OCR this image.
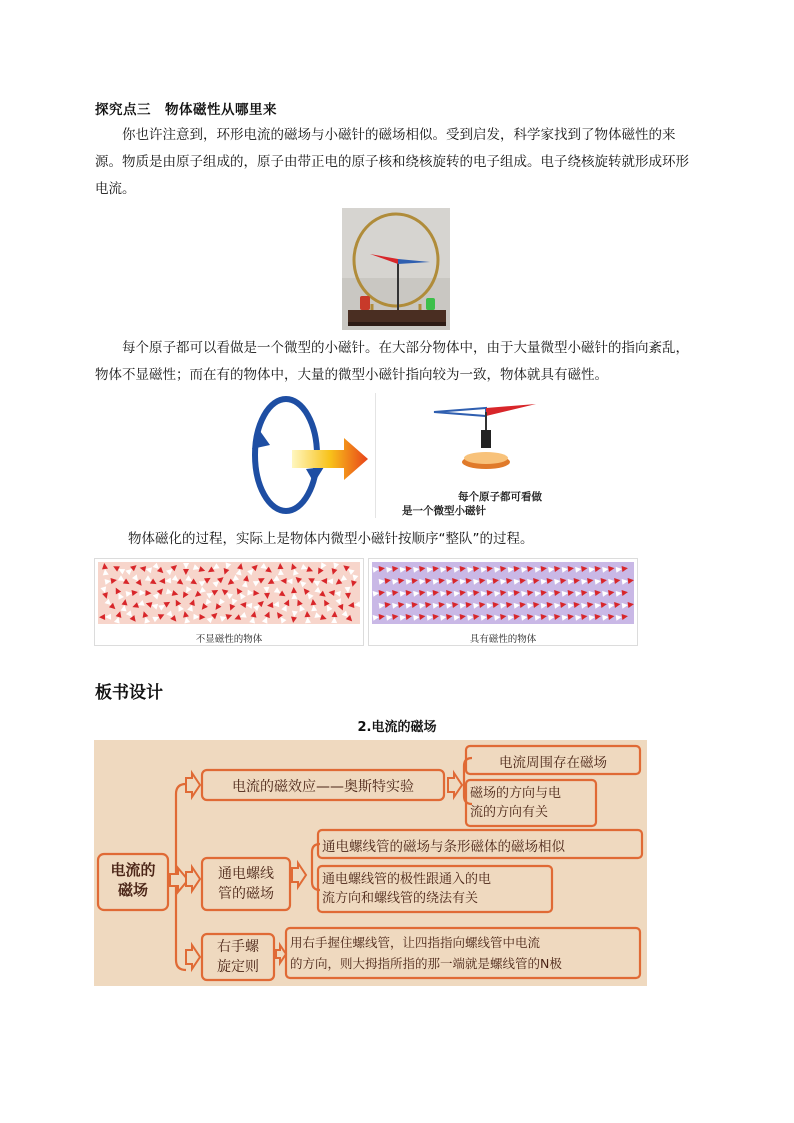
探究点三　物体磁性从哪里来
你也许注意到，环形电流的磁场与小磁针的磁场相似。受到启发，科学家找到了物体磁性的来源。物质是由原子组成的，原子由带正电的原子核和绕核旋转的电子组成。电子绕核旋转就形成环形电流。
每个原子都可以看做是一个微型的小磁针。在大部分物体中，由于大量微型小磁针的指向紊乱，物体不显磁性；而在有的物体中，大量的微型小磁针指向较为一致，物体就具有磁性。
每个原子都可看做
是一个微型小磁针
物体磁化的过程，实际上是物体内微型小磁针按顺序“整队”的过程。
不显磁性的物体	具有磁性的物体
板书设计
2.电流的磁场
电流的
磁场
电流的磁效应——奥斯特实验
电流周围存在磁场
磁场的方向与电
流的方向有关
通电螺线
管的磁场
通电螺线管的磁场与条形磁体的磁场相似
通电螺线管的极性跟通入的电
流方向和螺线管的绕法有关
右手螺
旋定则
用右手握住螺线管，让四指指向螺线管中电流
的方向，则大拇指所指的那一端就是螺线管的N极
